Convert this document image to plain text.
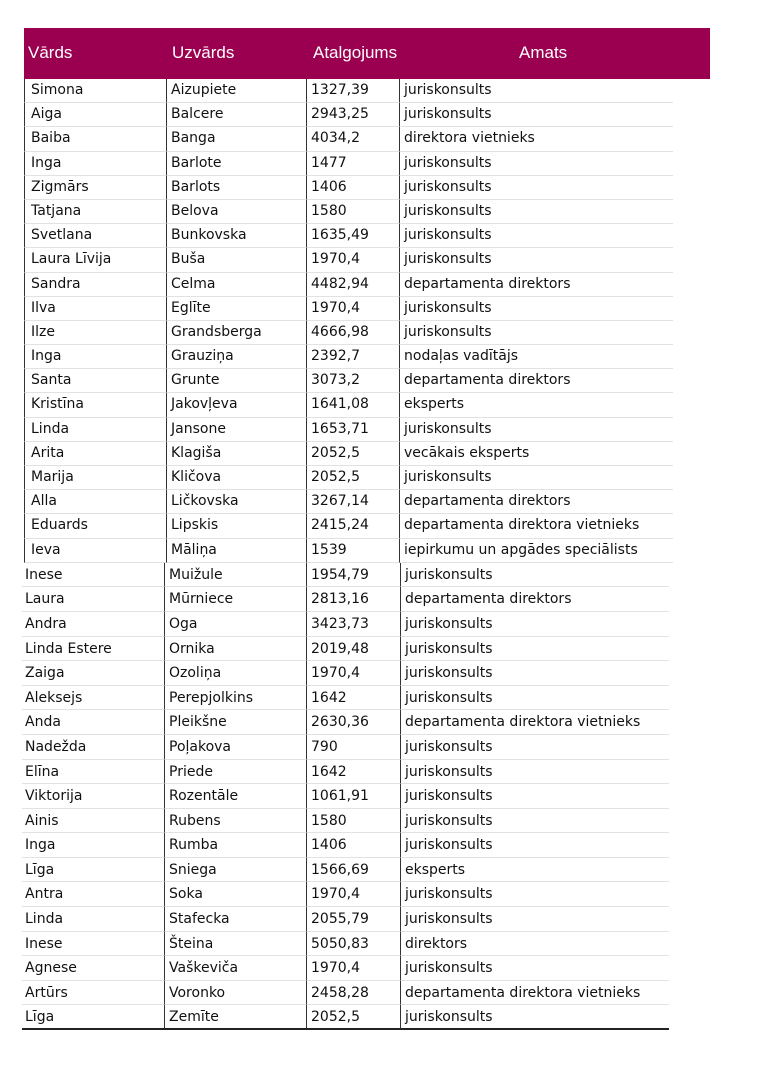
Vārds	Uzvārds	Atalgojums	Amats
Simona	Aizupiete	1327,39	juriskonsults
Aiga	Balcere	2943,25	juriskonsults
Baiba	Banga	4034,2	direktora vietnieks
Inga	Barlote	1477	juriskonsults
Zigmārs	Barlots	1406	juriskonsults
Tatjana	Belova	1580	juriskonsults
Svetlana	Bunkovska	1635,49	juriskonsults
Laura Līvija	Buša	1970,4	juriskonsults
Sandra	Celma	4482,94	departamenta direktors
Ilva	Eglīte	1970,4	juriskonsults
Ilze	Grandsberga	4666,98	juriskonsults
Inga	Grauziņa	2392,7	nodaļas vadītājs
Santa	Grunte	3073,2	departamenta direktors
Kristīna	Jakovļeva	1641,08	eksperts
Linda	Jansone	1653,71	juriskonsults
Arita	Klagiša	2052,5	vecākais eksperts
Marija	Kličova	2052,5	juriskonsults
Alla	Ličkovska	3267,14	departamenta direktors
Eduards	Lipskis	2415,24	departamenta direktora vietnieks
Ieva	Māliņa	1539	iepirkumu un apgādes speciālists
Inese	Muižule	1954,79	juriskonsults
Laura	Mūrniece	2813,16	departamenta direktors
Andra	Oga	3423,73	juriskonsults
Linda Estere	Ornika	2019,48	juriskonsults
Zaiga	Ozoliņa	1970,4	juriskonsults
Aleksejs	Perepjolkins	1642	juriskonsults
Anda	Pleikšne	2630,36	departamenta direktora vietnieks
Nadežda	Poļakova	790	juriskonsults
Elīna	Priede	1642	juriskonsults
Viktorija	Rozentāle	1061,91	juriskonsults
Ainis	Rubens	1580	juriskonsults
Inga	Rumba	1406	juriskonsults
Līga	Sniega	1566,69	eksperts
Antra	Soka	1970,4	juriskonsults
Linda	Stafecka	2055,79	juriskonsults
Inese	Šteina	5050,83	direktors
Agnese	Vaškeviča	1970,4	juriskonsults
Artūrs	Voronko	2458,28	departamenta direktora vietnieks
Līga	Zemīte	2052,5	juriskonsults
